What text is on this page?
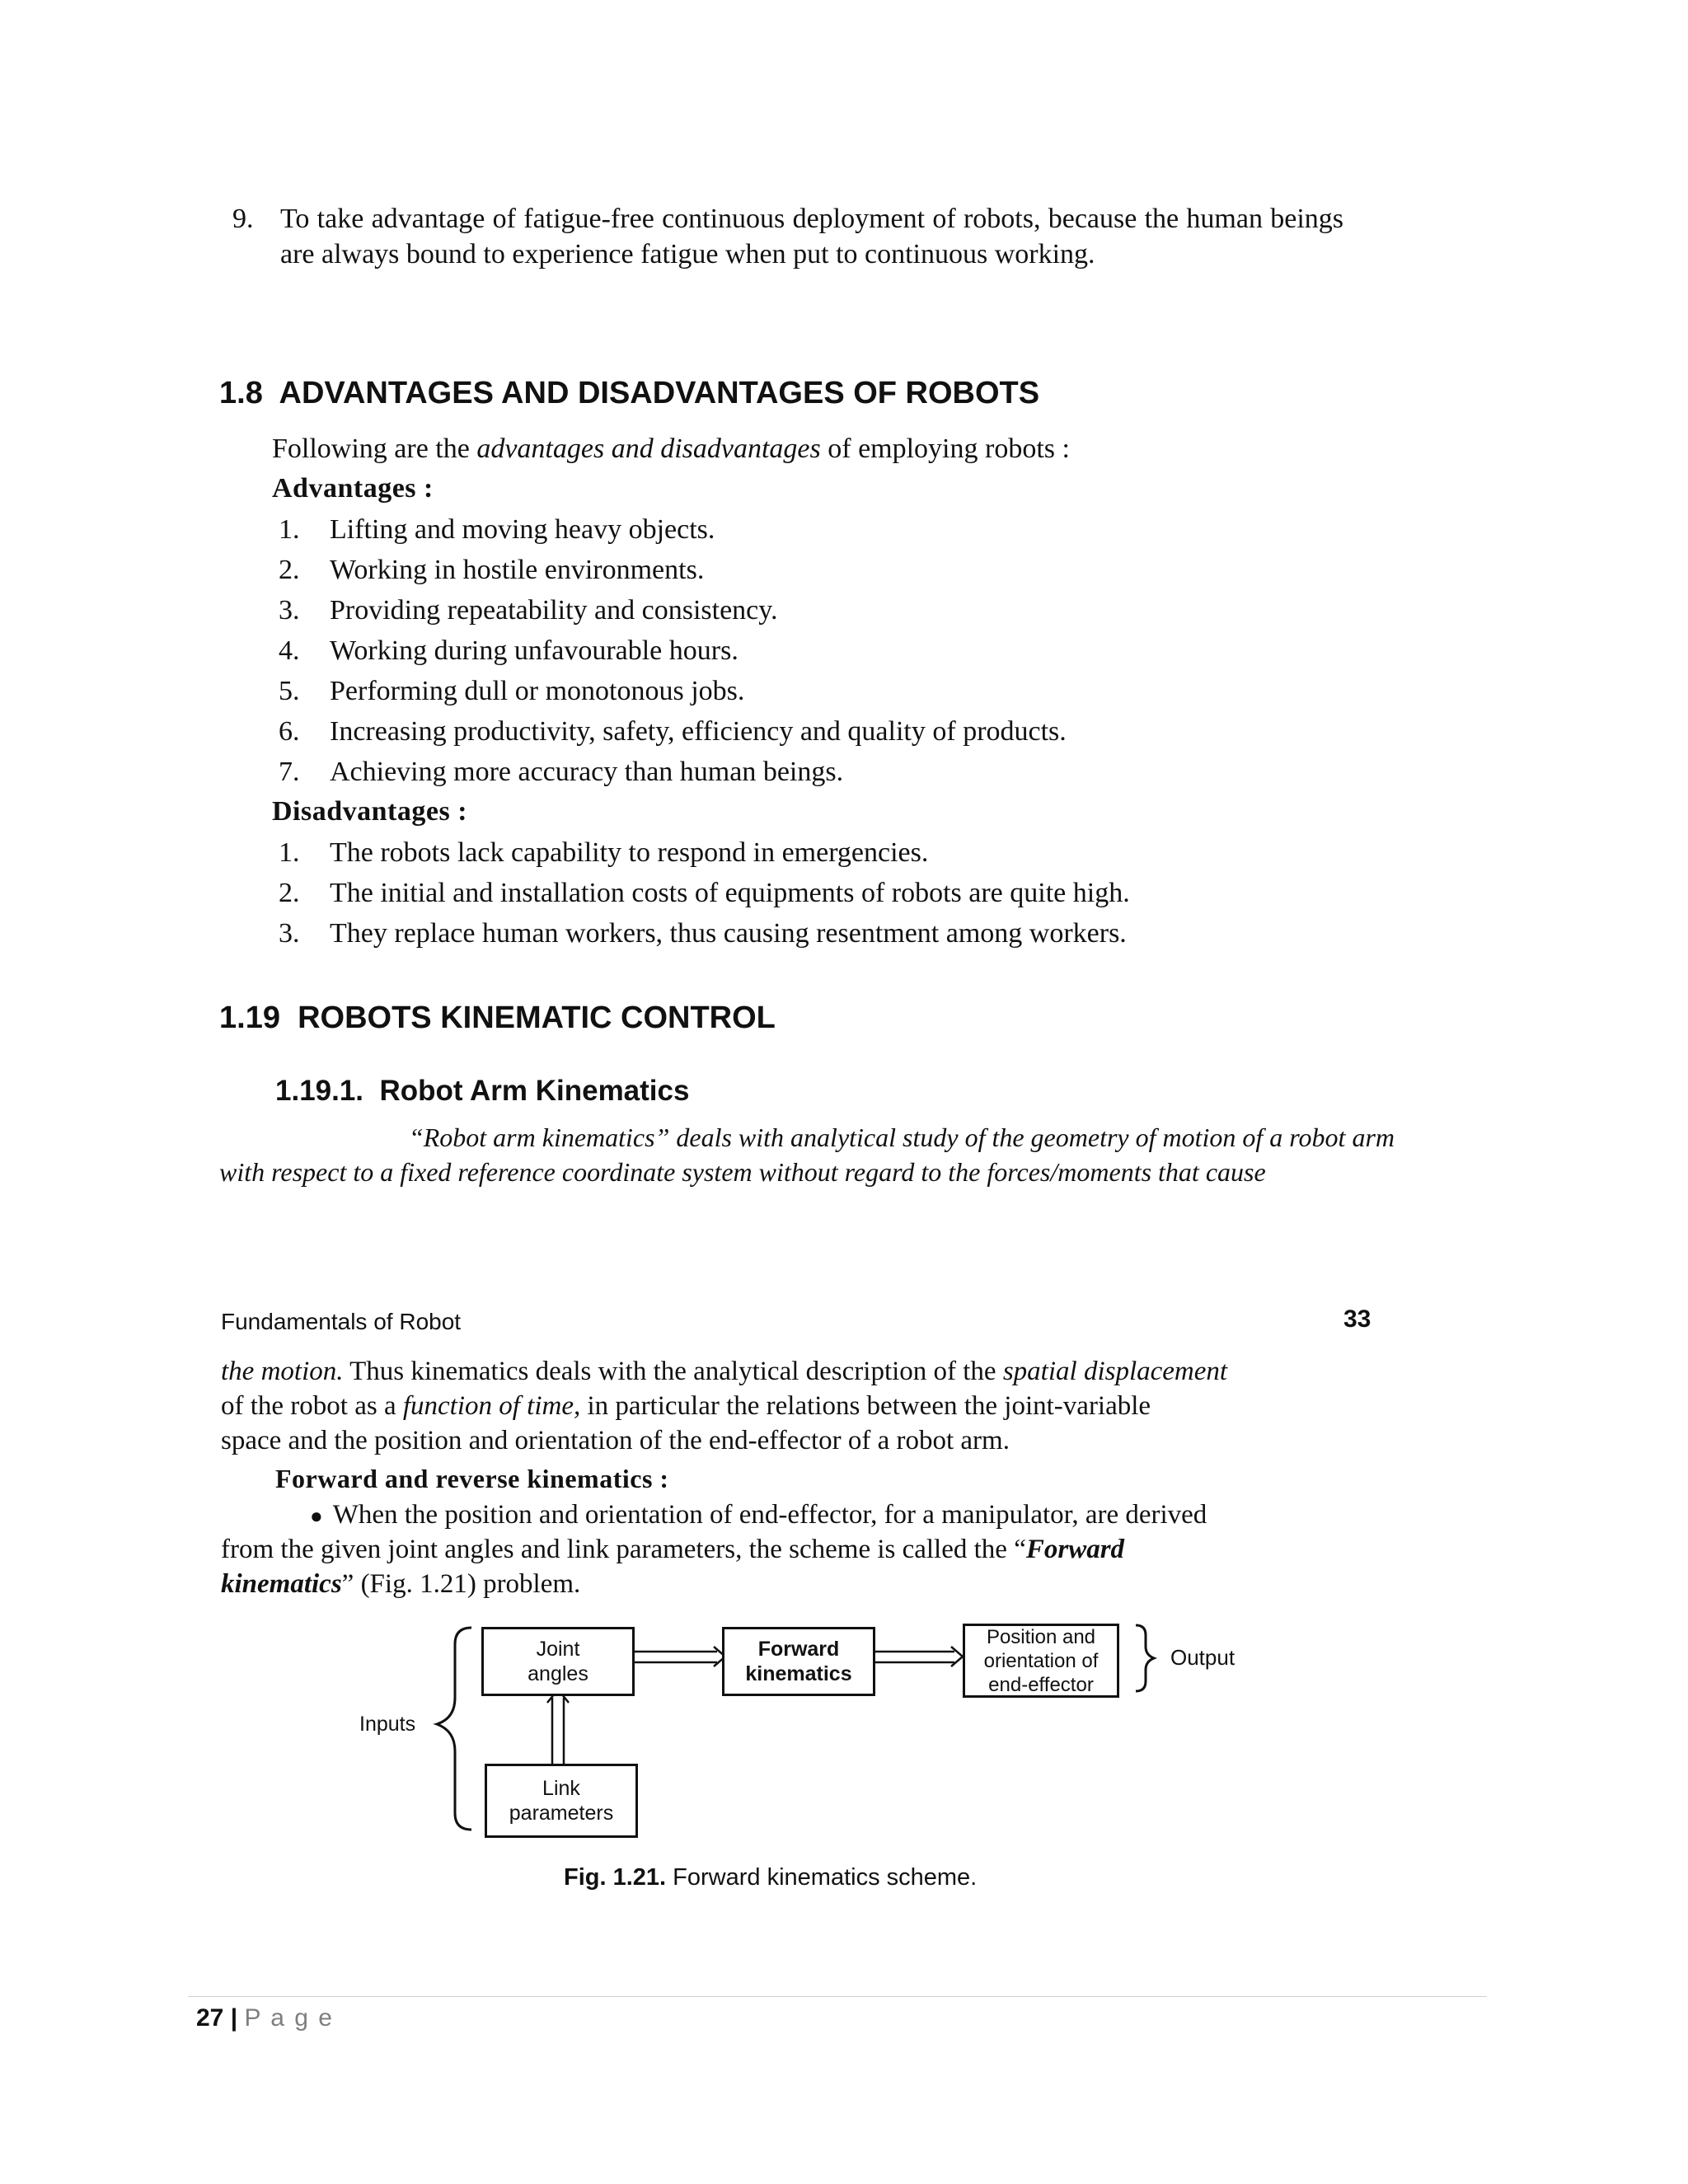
9. To take advantage of fatigue-free continuous deployment of robots, because the human beings are always bound to experience fatigue when put to continuous working.
1.8  ADVANTAGES AND DISADVANTAGES OF ROBOTS
Following are the advantages and disadvantages of employing robots :
Advantages :
1. Lifting and moving heavy objects.
2. Working in hostile environments.
3. Providing repeatability and consistency.
4. Working during unfavourable hours.
5. Performing dull or monotonous jobs.
6. Increasing productivity, safety, efficiency and quality of products.
7. Achieving more accuracy than human beings.
Disadvantages :
1. The robots lack capability to respond in emergencies.
2. The initial and installation costs of equipments of robots are quite high.
3. They replace human workers, thus causing resentment among workers.
1.19  ROBOTS KINEMATIC CONTROL
1.19.1.  Robot Arm Kinematics
“Robot arm kinematics” deals with analytical study of the geometry of motion of a robot arm
with respect to a fixed reference coordinate system without regard to the forces/moments that cause
Fundamentals of Robot	33
the motion. Thus kinematics deals with the analytical description of the spatial displacement
of the robot as a function of time, in particular the relations between the joint-variable
space and the position and orientation of the end-effector of a robot arm.
Forward and reverse kinematics :
● When the position and orientation of end-effector, for a manipulator, are derived
from the given joint angles and link parameters, the scheme is called the “Forward
kinematics” (Fig. 1.21) problem.
Joint
angles
Forward
kinematics
Position and
orientation of
end-effector
Link
parameters
Inputs
Output
Fig. 1.21. Forward kinematics scheme.
27 | P a g e
